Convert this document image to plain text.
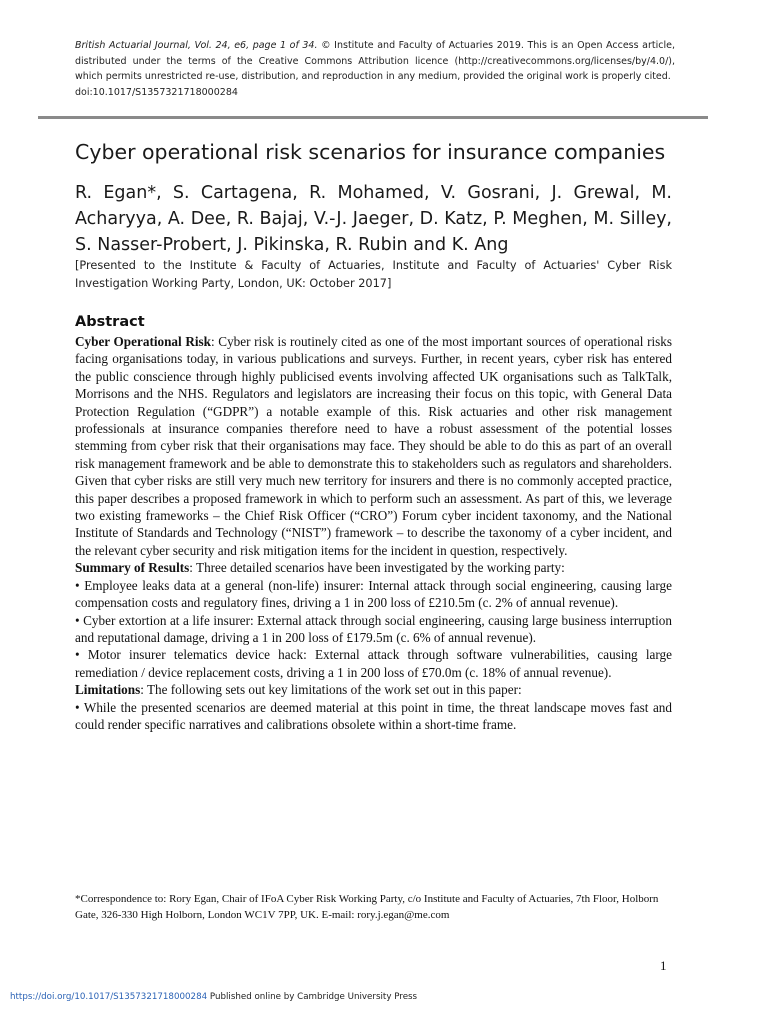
British Actuarial Journal, Vol. 24, e6, page 1 of 34. © Institute and Faculty of Actuaries 2019. This is an Open Access article, distributed under the terms of the Creative Commons Attribution licence (http://creativecommons.org/licenses/by/4.0/), which permits unrestricted re-use, distribution, and reproduction in any medium, provided the original work is properly cited.
doi:10.1017/S1357321718000284
Cyber operational risk scenarios for insurance companies

R. Egan*, S. Cartagena, R. Mohamed, V. Gosrani, J. Grewal, M. Acharyya, A. Dee, R. Bajaj, V.-J. Jaeger, D. Katz, P. Meghen, M. Silley, S. Nasser-Probert, J. Pikinska, R. Rubin and K. Ang

[Presented to the Institute & Faculty of Actuaries, Institute and Faculty of Actuaries' Cyber Risk Investigation Working Party, London, UK: October 2017]

Abstract

Cyber Operational Risk: Cyber risk is routinely cited as one of the most important sources of operational risks facing organisations today, in various publications and surveys. Further, in recent years, cyber risk has entered the public conscience through highly publicised events involving affected UK organisations such as TalkTalk, Morrisons and the NHS. Regulators and legislators are increasing their focus on this topic, with General Data Protection Regulation (“GDPR”) a notable example of this. Risk actuaries and other risk management professionals at insurance companies therefore need to have a robust assessment of the potential losses stemming from cyber risk that their organisations may face. They should be able to do this as part of an overall risk management framework and be able to demonstrate this to stakeholders such as regulators and shareholders. Given that cyber risks are still very much new territory for insurers and there is no commonly accepted practice, this paper describes a proposed framework in which to perform such an assessment. As part of this, we leverage two existing frameworks – the Chief Risk Officer (“CRO”) Forum cyber incident taxonomy, and the National Institute of Standards and Technology (“NIST”) framework – to describe the taxonomy of a cyber incident, and the relevant cyber security and risk mitigation items for the incident in question, respectively.

Summary of Results: Three detailed scenarios have been investigated by the working party:

• Employee leaks data at a general (non-life) insurer: Internal attack through social engineering, causing large compensation costs and regulatory fines, driving a 1 in 200 loss of £210.5m (c. 2% of annual revenue).

• Cyber extortion at a life insurer: External attack through social engineering, causing large business interruption and reputational damage, driving a 1 in 200 loss of £179.5m (c. 6% of annual revenue).

• Motor insurer telematics device hack: External attack through software vulnerabilities, causing large remediation / device replacement costs, driving a 1 in 200 loss of £70.0m (c. 18% of annual revenue).

Limitations: The following sets out key limitations of the work set out in this paper:

• While the presented scenarios are deemed material at this point in time, the threat landscape moves fast and could render specific narratives and calibrations obsolete within a short-time frame.

*Correspondence to: Rory Egan, Chair of IFoA Cyber Risk Working Party, c/o Institute and Faculty of Actuaries, 7th Floor, Holborn Gate, 326-330 High Holborn, London WC1V 7PP, UK. E-mail: rory.j.egan@me.com
1
https://doi.org/10.1017/S1357321718000284 Published online by Cambridge University Press
